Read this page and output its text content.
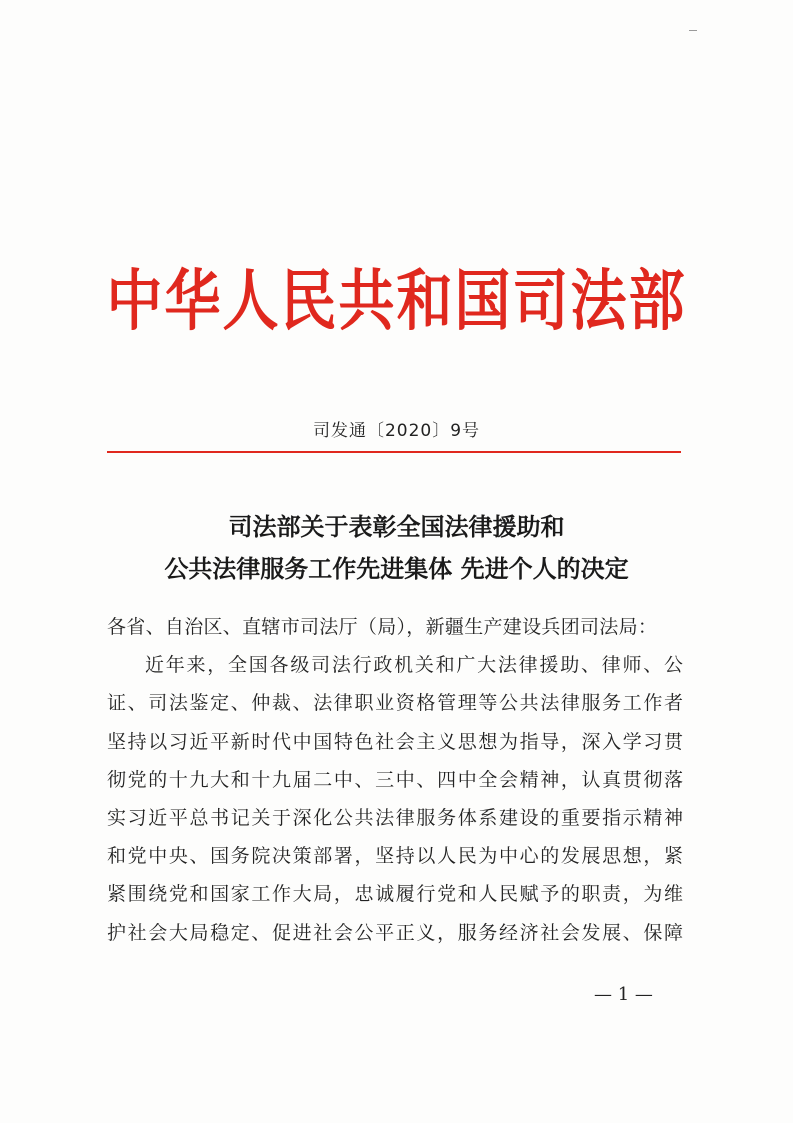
中华人民共和国司法部
司发通〔2020〕9号
司法部关于表彰全国法律援助和
公共法律服务工作先进集体 先进个人的决定
各省、自治区、直辖市司法厅（局），新疆生产建设兵团司法局：
近年来，全国各级司法行政机关和广大法律援助、律师、公
证、司法鉴定、仲裁、法律职业资格管理等公共法律服务工作者
坚持以习近平新时代中国特色社会主义思想为指导，深入学习贯
彻党的十九大和十九届二中、三中、四中全会精神，认真贯彻落
实习近平总书记关于深化公共法律服务体系建设的重要指示精神
和党中央、国务院决策部署，坚持以人民为中心的发展思想，紧
紧围绕党和国家工作大局，忠诚履行党和人民赋予的职责，为维
护社会大局稳定、促进社会公平正义，服务经济社会发展、保障
— 1 —
